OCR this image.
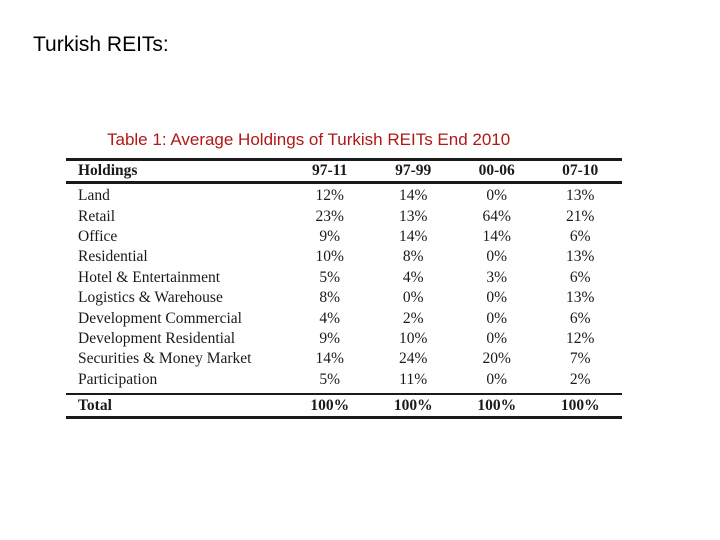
Turkish REITs:
Table 1: Average Holdings of Turkish REITs End 2010
Holdings	97-11	97-99	00-06	07-10
Land	12%	14%	0%	13%
Retail	23%	13%	64%	21%
Office	9%	14%	14%	6%
Residential	10%	8%	0%	13%
Hotel & Entertainment	5%	4%	3%	6%
Logistics & Warehouse	8%	0%	0%	13%
Development Commercial	4%	2%	0%	6%
Development Residential	9%	10%	0%	12%
Securities & Money Market	14%	24%	20%	7%
Participation	5%	11%	0%	2%
Total	100%	100%	100%	100%
